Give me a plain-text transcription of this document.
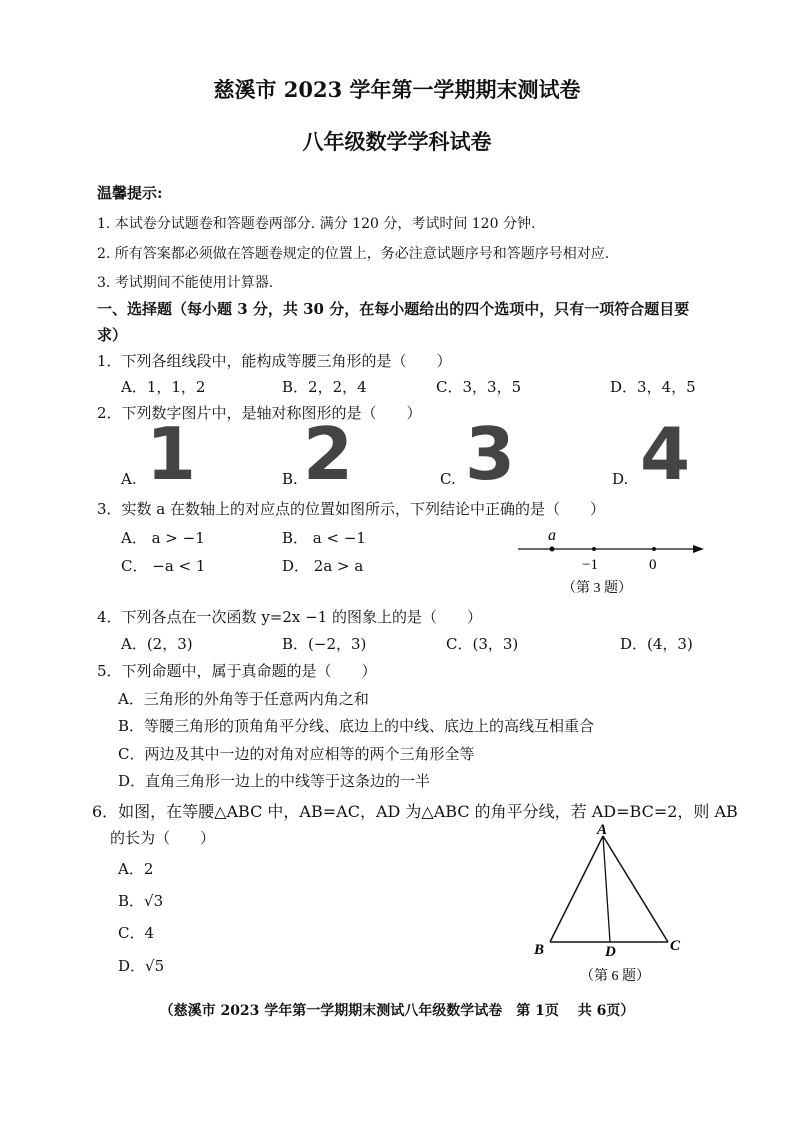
慈溪市 2023 学年第一学期期末测试卷
八年级数学学科试卷
温馨提示:
1. 本试卷分试题卷和答题卷两部分. 满分 120 分，考试时间 120 分钟.
2. 所有答案都必须做在答题卷规定的位置上，务必注意试题序号和答题序号相对应.
3. 考试期间不能使用计算器.
一、选择题（每小题 3 分，共 30 分，在每小题给出的四个选项中，只有一项符合题目要
求）
1．下列各组线段中，能构成等腰三角形的是（　　）
A．1，1，2	B．2，2，4	C．3，3，5	D．3，4，5
2．下列数字图片中，是轴对称图形的是（　　）
A. 1	B. 2	C. 3	D. 4
3．实数 a 在数轴上的对应点的位置如图所示，下列结论中正确的是（　　）
A． a > −1	B． a < −1
C． −a < 1	D． 2a > a
a
−1	0
（第 3 题）
4．下列各点在一次函数 y=2x −1 的图象上的是（　　）
A．(2，3)	B．(−2，3)	C．(3，3)	D．(4，3)
5．下列命题中，属于真命题的是（　　）
A．三角形的外角等于任意两内角之和
B．等腰三角形的顶角角平分线、底边上的中线、底边上的高线互相重合
C．两边及其中一边的对角对应相等的两个三角形全等
D．直角三角形一边上的中线等于这条边的一半
6．如图，在等腰△ABC 中，AB=AC，AD 为△ABC 的角平分线，若 AD=BC=2，则 AB
的长为（　　）
A．2
B．√3
C．4
D．√5
A
B	C
D
（第 6 题）
（慈溪市 2023 学年第一学期期末测试八年级数学试卷　第 1页　 共 6页）
